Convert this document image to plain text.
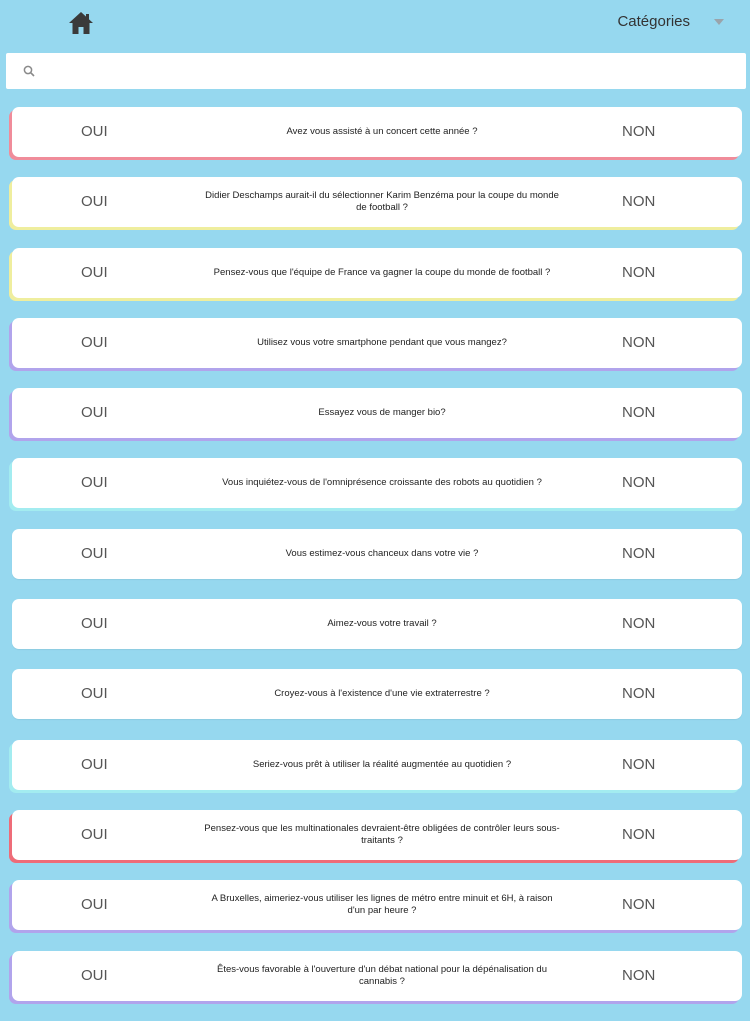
Catégories
OUI	Avez vous assisté à un concert cette année ?	NON
OUI	Didier Deschamps aurait-il du sélectionner Karim Benzéma pour la coupe du monde de football ?	NON
OUI	Pensez-vous que l'équipe de France va gagner la coupe du monde de football ?	NON
OUI	Utilisez vous votre smartphone pendant que vous mangez?	NON
OUI	Essayez vous de manger bio?	NON
OUI	Vous inquiétez-vous de l'omniprésence croissante des robots au quotidien ?	NON
OUI	Vous estimez-vous chanceux dans votre vie ?	NON
OUI	Aimez-vous votre travail ?	NON
OUI	Croyez-vous à l'existence d'une vie extraterrestre ?	NON
OUI	Seriez-vous prêt à utiliser la réalité augmentée au quotidien ?	NON
OUI	Pensez-vous que les multinationales devraient-être obligées de contrôler leurs sous-traitants ?	NON
OUI	A Bruxelles, aimeriez-vous utiliser les lignes de métro entre minuit et 6H, à raison d'un par heure ?	NON
OUI	Êtes-vous favorable à l'ouverture d'un débat national pour la dépénalisation du cannabis ?	NON
